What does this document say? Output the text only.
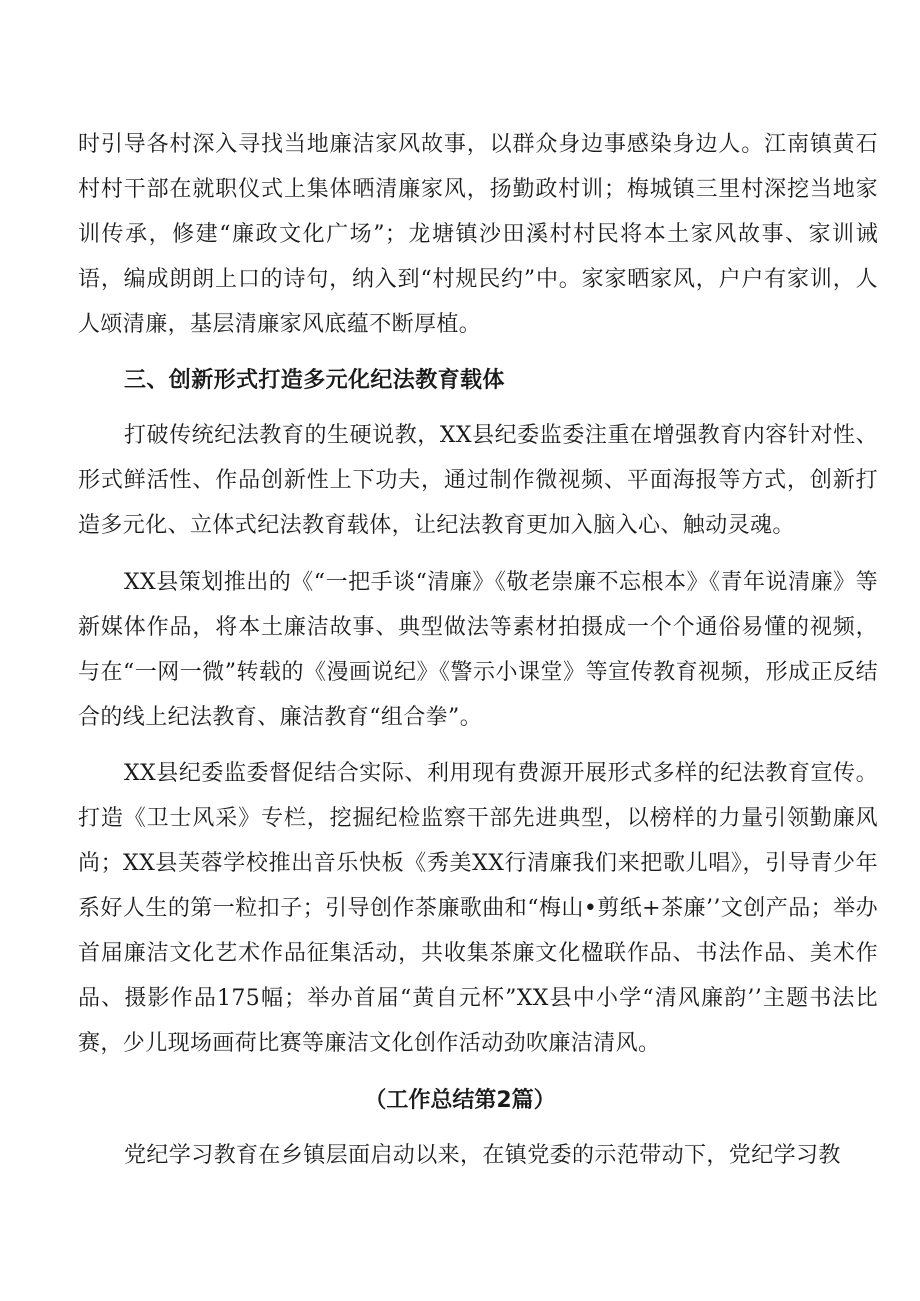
时引导各村深入寻找当地廉洁家风故事，以群众身边事感染身边人。江南镇黄石村村干部在就职仪式上集体晒清廉家风，扬勤政村训；梅城镇三里村深挖当地家训传承，修建“廉政文化广场”；龙塘镇沙田溪村村民将本土家风故事、家训诫语，编成朗朗上口的诗句，纳入到“村规民约”中。家家晒家风，户户有家训，人人颂清廉，基层清廉家风底蕴不断厚植。

三、创新形式打造多元化纪法教育载体

打破传统纪法教育的生硬说教，XX县纪委监委注重在增强教育内容针对性、形式鲜活性、作品创新性上下功夫，通过制作微视频、平面海报等方式，创新打造多元化、立体式纪法教育载体，让纪法教育更加入脑入心、触动灵魂。

XX县策划推出的《“一把手谈“清廉》《敬老崇廉不忘根本》《青年说清廉》等新媒体作品，将本土廉洁故事、典型做法等素材拍摄成一个个通俗易懂的视频，与在“一网一微”转载的《漫画说纪》《警示小课堂》等宣传教育视频，形成正反结合的线上纪法教育、廉洁教育“组合拳”。

XX县纪委监委督促结合实际、利用现有费源开展形式多样的纪法教育宣传。打造《卫士风采》专栏，挖掘纪检监察干部先进典型，以榜样的力量引领勤廉风尚；XX县芙蓉学校推出音乐快板《秀美XX行清廉我们来把歌儿唱》，引导青少年系好人生的第一粒扣子；引导创作茶廉歌曲和“梅山•剪纸+茶廉’’文创产品；举办首届廉洁文化艺术作品征集活动，共收集茶廉文化楹联作品、书法作品、美术作品、摄影作品175幅；举办首届“黄自元杯”XX县中小学“清风廉韵’’主题书法比赛，少儿现场画荷比赛等廉洁文化创作活动劲吹廉洁清风。

（工作总结第2篇）

党纪学习教育在乡镇层面启动以来，在镇党委的示范带动下，党纪学习教
